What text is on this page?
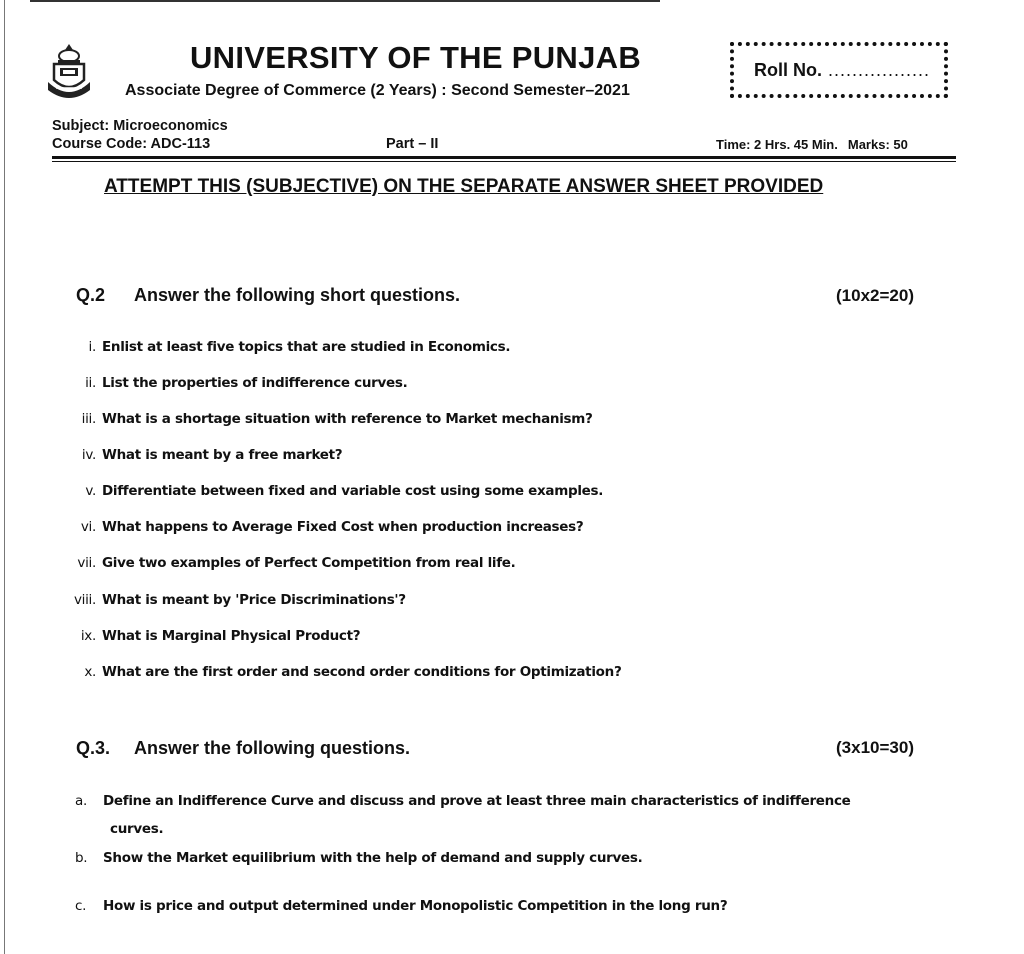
UNIVERSITY OF THE PUNJAB
Associate Degree of Commerce (2 Years) : Second Semester–2021
Roll No. .................
Subject: Microeconomics
Course Code: ADC-113	Part – II	Time: 2 Hrs. 45 Min. Marks: 50
ATTEMPT THIS (SUBJECTIVE) ON THE SEPARATE ANSWER SHEET PROVIDED
Q.2 Answer the following short questions.	(10x2=20)
i. Enlist at least five topics that are studied in Economics.
ii. List the properties of indifference curves.
iii. What is a shortage situation with reference to Market mechanism?
iv. What is meant by a free market?
v. Differentiate between fixed and variable cost using some examples.
vi. What happens to Average Fixed Cost when production increases?
vii. Give two examples of Perfect Competition from real life.
viii. What is meant by 'Price Discriminations'?
ix. What is Marginal Physical Product?
x. What are the first order and second order conditions for Optimization?
Q.3. Answer the following questions.	(3x10=30)
a. Define an Indifference Curve and discuss and prove at least three main characteristics of indifference
curves.
b. Show the Market equilibrium with the help of demand and supply curves.
c. How is price and output determined under Monopolistic Competition in the long run?
